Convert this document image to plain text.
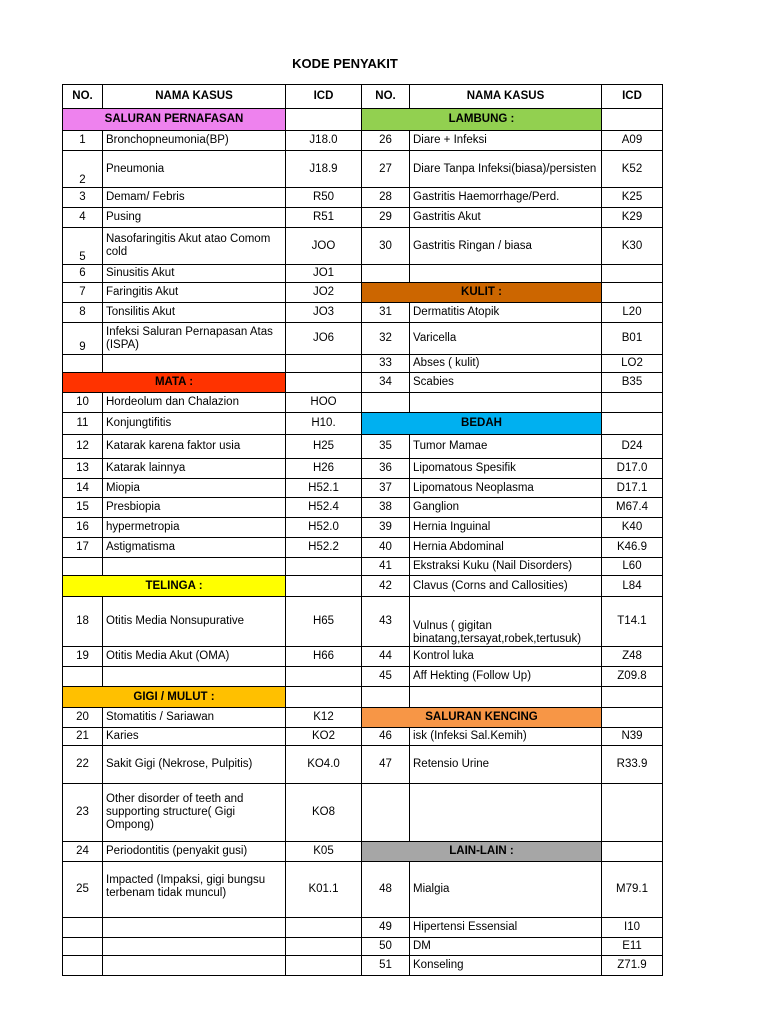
KODE PENYAKIT
NO.	NAMA KASUS	ICD	NO.	NAMA KASUS	ICD
SALURAN PERNAFASAN			LAMBUNG :		
1	Bronchopneumonia(BP)	J18.0	26	Diare + Infeksi	A09
2	Pneumonia	J18.9	27	Diare Tanpa Infeksi(biasa)/persisten	K52
3	Demam/ Febris	R50	28	Gastritis Haemorrhage/Perd.	K25
4	Pusing	R51	29	Gastritis Akut	K29
5	Nasofaringitis Akut atao Comom cold	JOO	30	Gastritis Ringan / biasa	K30
6	Sinusitis Akut	JO1			
7	Faringitis Akut	JO2	KULIT :		
8	Tonsilitis Akut	JO3	31	Dermatitis Atopik	L20
9	Infeksi Saluran Pernapasan Atas (ISPA)	JO6	32	Varicella	B01
			33	Abses ( kulit)	LO2
MATA :			34	Scabies	B35
10	Hordeolum dan Chalazion	HOO			
11	Konjungtifitis	H10.	BEDAH		
12	Katarak karena faktor usia	H25	35	Tumor Mamae	D24
13	Katarak lainnya	H26	36	Lipomatous Spesifik	D17.0
14	Miopia	H52.1	37	Lipomatous Neoplasma	D17.1
15	Presbiopia	H52.4	38	Ganglion	M67.4
16	hypermetropia	H52.0	39	Hernia Inguinal	K40
17	Astigmatisma	H52.2	40	Hernia Abdominal	K46.9
			41	Ekstraksi Kuku (Nail Disorders)	L60
TELINGA :			42	Clavus (Corns and Callosities)	L84
18	Otitis Media Nonsupurative	H65	43	Vulnus ( gigitan binatang,tersayat,robek,tertusuk)	T14.1
19	Otitis Media Akut (OMA)	H66	44	Kontrol luka	Z48
			45	Aff Hekting (Follow Up)	Z09.8
GIGI / MULUT :					
20	Stomatitis / Sariawan	K12	SALURAN KENCING		
21	Karies	KO2	46	isk (Infeksi Sal.Kemih)	N39
22	Sakit Gigi (Nekrose, Pulpitis)	KO4.0	47	Retensio Urine	R33.9
23	Other disorder of teeth and supporting structure( Gigi Ompong)	KO8			
24	Periodontitis (penyakit gusi)	K05	LAIN-LAIN :		
25	Impacted (Impaksi, gigi bungsu terbenam tidak muncul)	K01.1	48	Mialgia	M79.1
			49	Hipertensi Essensial	I10
			50	DM	E11
			51	Konseling	Z71.9
